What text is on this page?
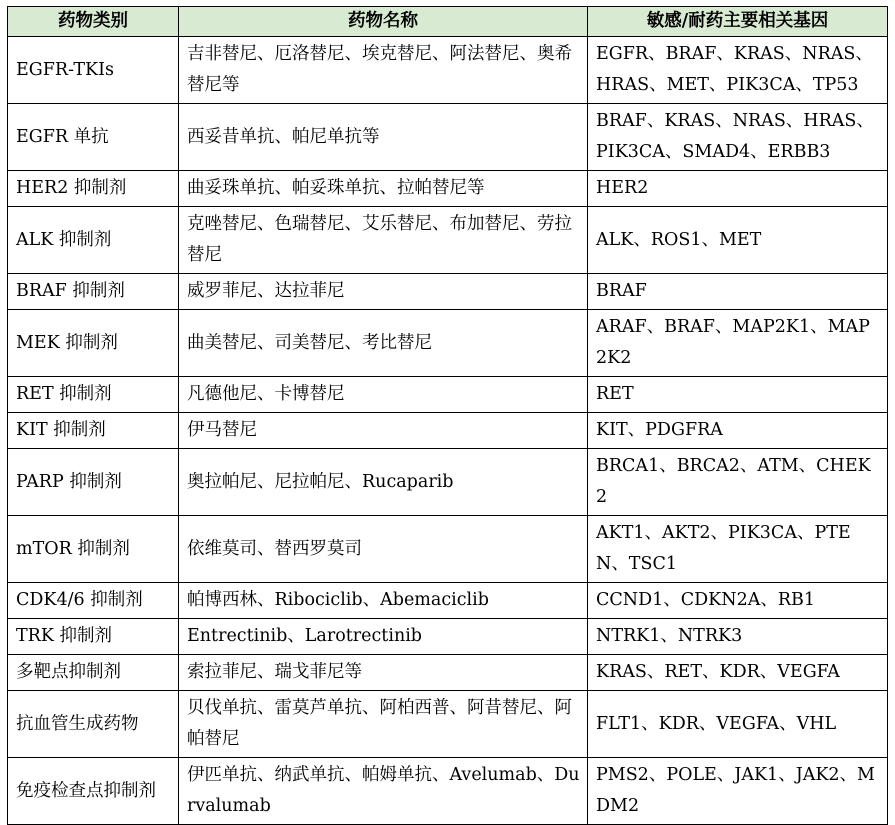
药物类别	药物名称	敏感/耐药主要相关基因
EGFR-TKIs	吉非替尼、厄洛替尼、埃克替尼、阿法替尼、奥希替尼等	EGFR、BRAF、KRAS、NRAS、HRAS、MET、PIK3CA、TP53
EGFR 单抗	西妥昔单抗、帕尼单抗等	BRAF、KRAS、NRAS、HRAS、PIK3CA、SMAD4、ERBB3
HER2 抑制剂	曲妥珠单抗、帕妥珠单抗、拉帕替尼等	HER2
ALK 抑制剂	克唑替尼、色瑞替尼、艾乐替尼、布加替尼、劳拉替尼	ALK、ROS1、MET
BRAF 抑制剂	威罗菲尼、达拉菲尼	BRAF
MEK 抑制剂	曲美替尼、司美替尼、考比替尼	ARAF、BRAF、MAP2K1、MAP2K2
RET 抑制剂	凡德他尼、卡博替尼	RET
KIT 抑制剂	伊马替尼	KIT、PDGFRA
PARP 抑制剂	奥拉帕尼、尼拉帕尼、Rucaparib	BRCA1、BRCA2、ATM、CHEK2
mTOR 抑制剂	依维莫司、替西罗莫司	AKT1、AKT2、PIK3CA、PTEN、TSC1
CDK4/6 抑制剂	帕博西林、Ribociclib、Abemaciclib	CCND1、CDKN2A、RB1
TRK 抑制剂	Entrectinib、Larotrectinib	NTRK1、NTRK3
多靶点抑制剂	索拉菲尼、瑞戈菲尼等	KRAS、RET、KDR、VEGFA
抗血管生成药物	贝伐单抗、雷莫芦单抗、阿柏西普、阿昔替尼、阿帕替尼	FLT1、KDR、VEGFA、VHL
免疫检查点抑制剂	伊匹单抗、纳武单抗、帕姆单抗、Avelumab、Durvalumab	PMS2、POLE、JAK1、JAK2、MDM2
